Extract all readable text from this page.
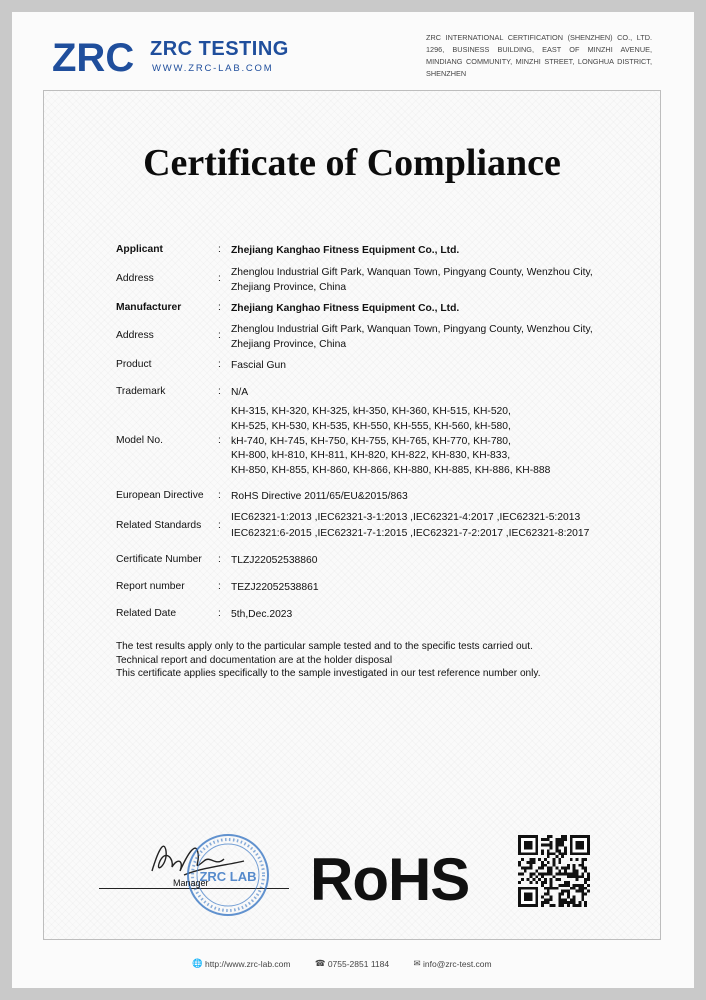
ZRC ZRC TESTING
WWW.ZRC-LAB.COM
ZRC INTERNATIONAL CERTIFICATION (SHENZHEN) CO., LTD. 1296, BUSINESS BUILDING, EAST OF MINZHI AVENUE, MINDIANG COMMUNITY, MINZHI STREET, LONGHUA DISTRICT, SHENZHEN
Certificate of Compliance
Applicant	: Zhejiang Kanghao Fitness Equipment Co., Ltd.
Address	:
Zhenglou Industrial Gift Park, Wanquan Town, Pingyang County, Wenzhou City,
Zhejiang Province, China
Manufacturer	: Zhejiang Kanghao Fitness Equipment Co., Ltd.
Address	:
Zhenglou Industrial Gift Park, Wanquan Town, Pingyang County, Wenzhou City,
Zhejiang Province, China
Product	: Fascial Gun
Trademark	: N/A
Model No.	:
KH-315, KH-320, KH-325, kH-350, KH-360, KH-515, KH-520,
KH-525, KH-530, KH-535, KH-550, KH-555, KH-560, kH-580,
kH-740, KH-745, KH-750, KH-755, KH-765, KH-770, KH-780,
KH-800, kH-810, KH-811, KH-820, KH-822, KH-830, KH-833,
KH-850, KH-855, KH-860, KH-866, KH-880, KH-885, KH-886, KH-888
European Directive : RoHS Directive 2011/65/EU&2015/863
Related Standards :
IEC62321-1:2013 ,IEC62321-3-1:2013 ,IEC62321-4:2017 ,IEC62321-5:2013
IEC62321:6-2015 ,IEC62321-7-1:2015 ,IEC62321-7-2:2017 ,IEC62321-8:2017
Certificate Number : TLZJ22052538860
Report number	: TEZJ22052538861
Related Date	: 5th,Dec.2023
The test results apply only to the particular sample tested and to the specific tests carried out.
Technical report and documentation are at the holder disposal
This certificate applies specifically to the sample investigated in our test reference number only.
ZRC LAB
Manager RoHS
🌐 http://www.zrc-lab.com	☎ 0755-2851 1184	✉ info@zrc-test.com
